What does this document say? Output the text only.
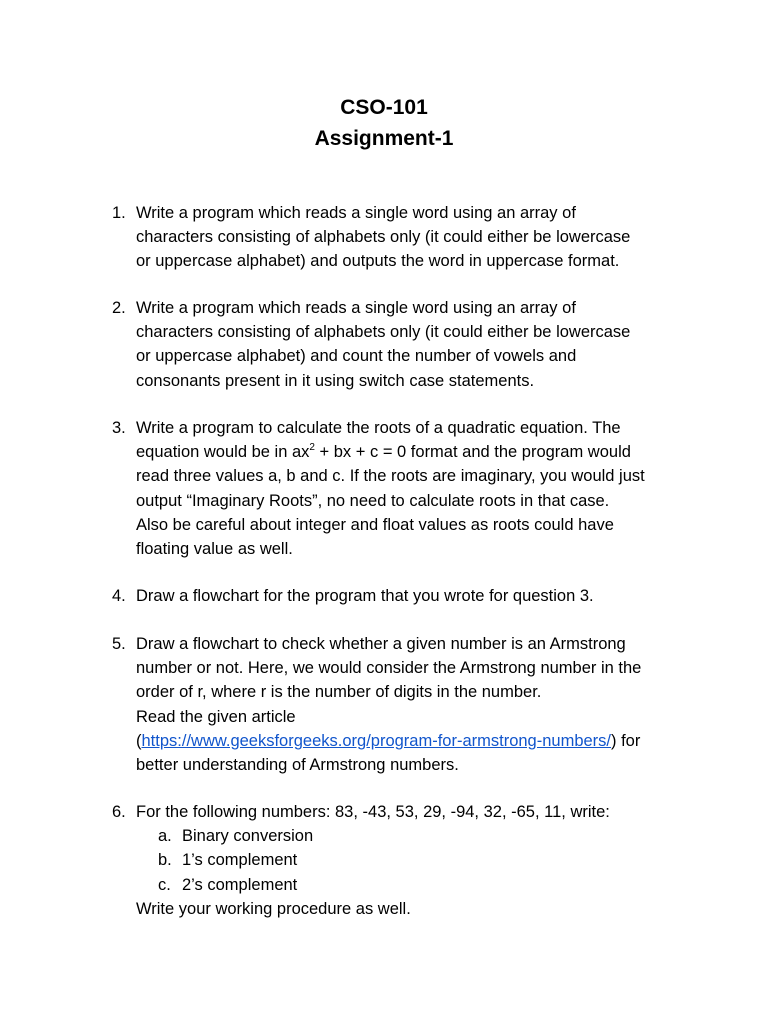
CSO-101
Assignment-1
1. Write a program which reads a single word using an array of
characters consisting of alphabets only (it could either be lowercase
or uppercase alphabet) and outputs the word in uppercase format.
2. Write a program which reads a single word using an array of
characters consisting of alphabets only (it could either be lowercase
or uppercase alphabet) and count the number of vowels and
consonants present in it using switch case statements.
3. Write a program to calculate the roots of a quadratic equation. The
equation would be in $ax^2$ + bx + c = 0 format and the program would
read three values a, b and c. If the roots are imaginary, you would just
output “Imaginary Roots”, no need to calculate roots in that case.
Also be careful about integer and float values as roots could have
floating value as well.
4. Draw a flowchart for the program that you wrote for question 3.
5. Draw a flowchart to check whether a given number is an Armstrong
number or not. Here, we would consider the Armstrong number in the
order of r, where r is the number of digits in the number.
Read the given article
(https://www.geeksforgeeks.org/program-for-armstrong-numbers/) for
better understanding of Armstrong numbers.
6. For the following numbers: 83, -43, 53, 29, -94, 32, -65, 11, write:
a. Binary conversion
b. 1’s complement
c. 2’s complement
Write your working procedure as well.
